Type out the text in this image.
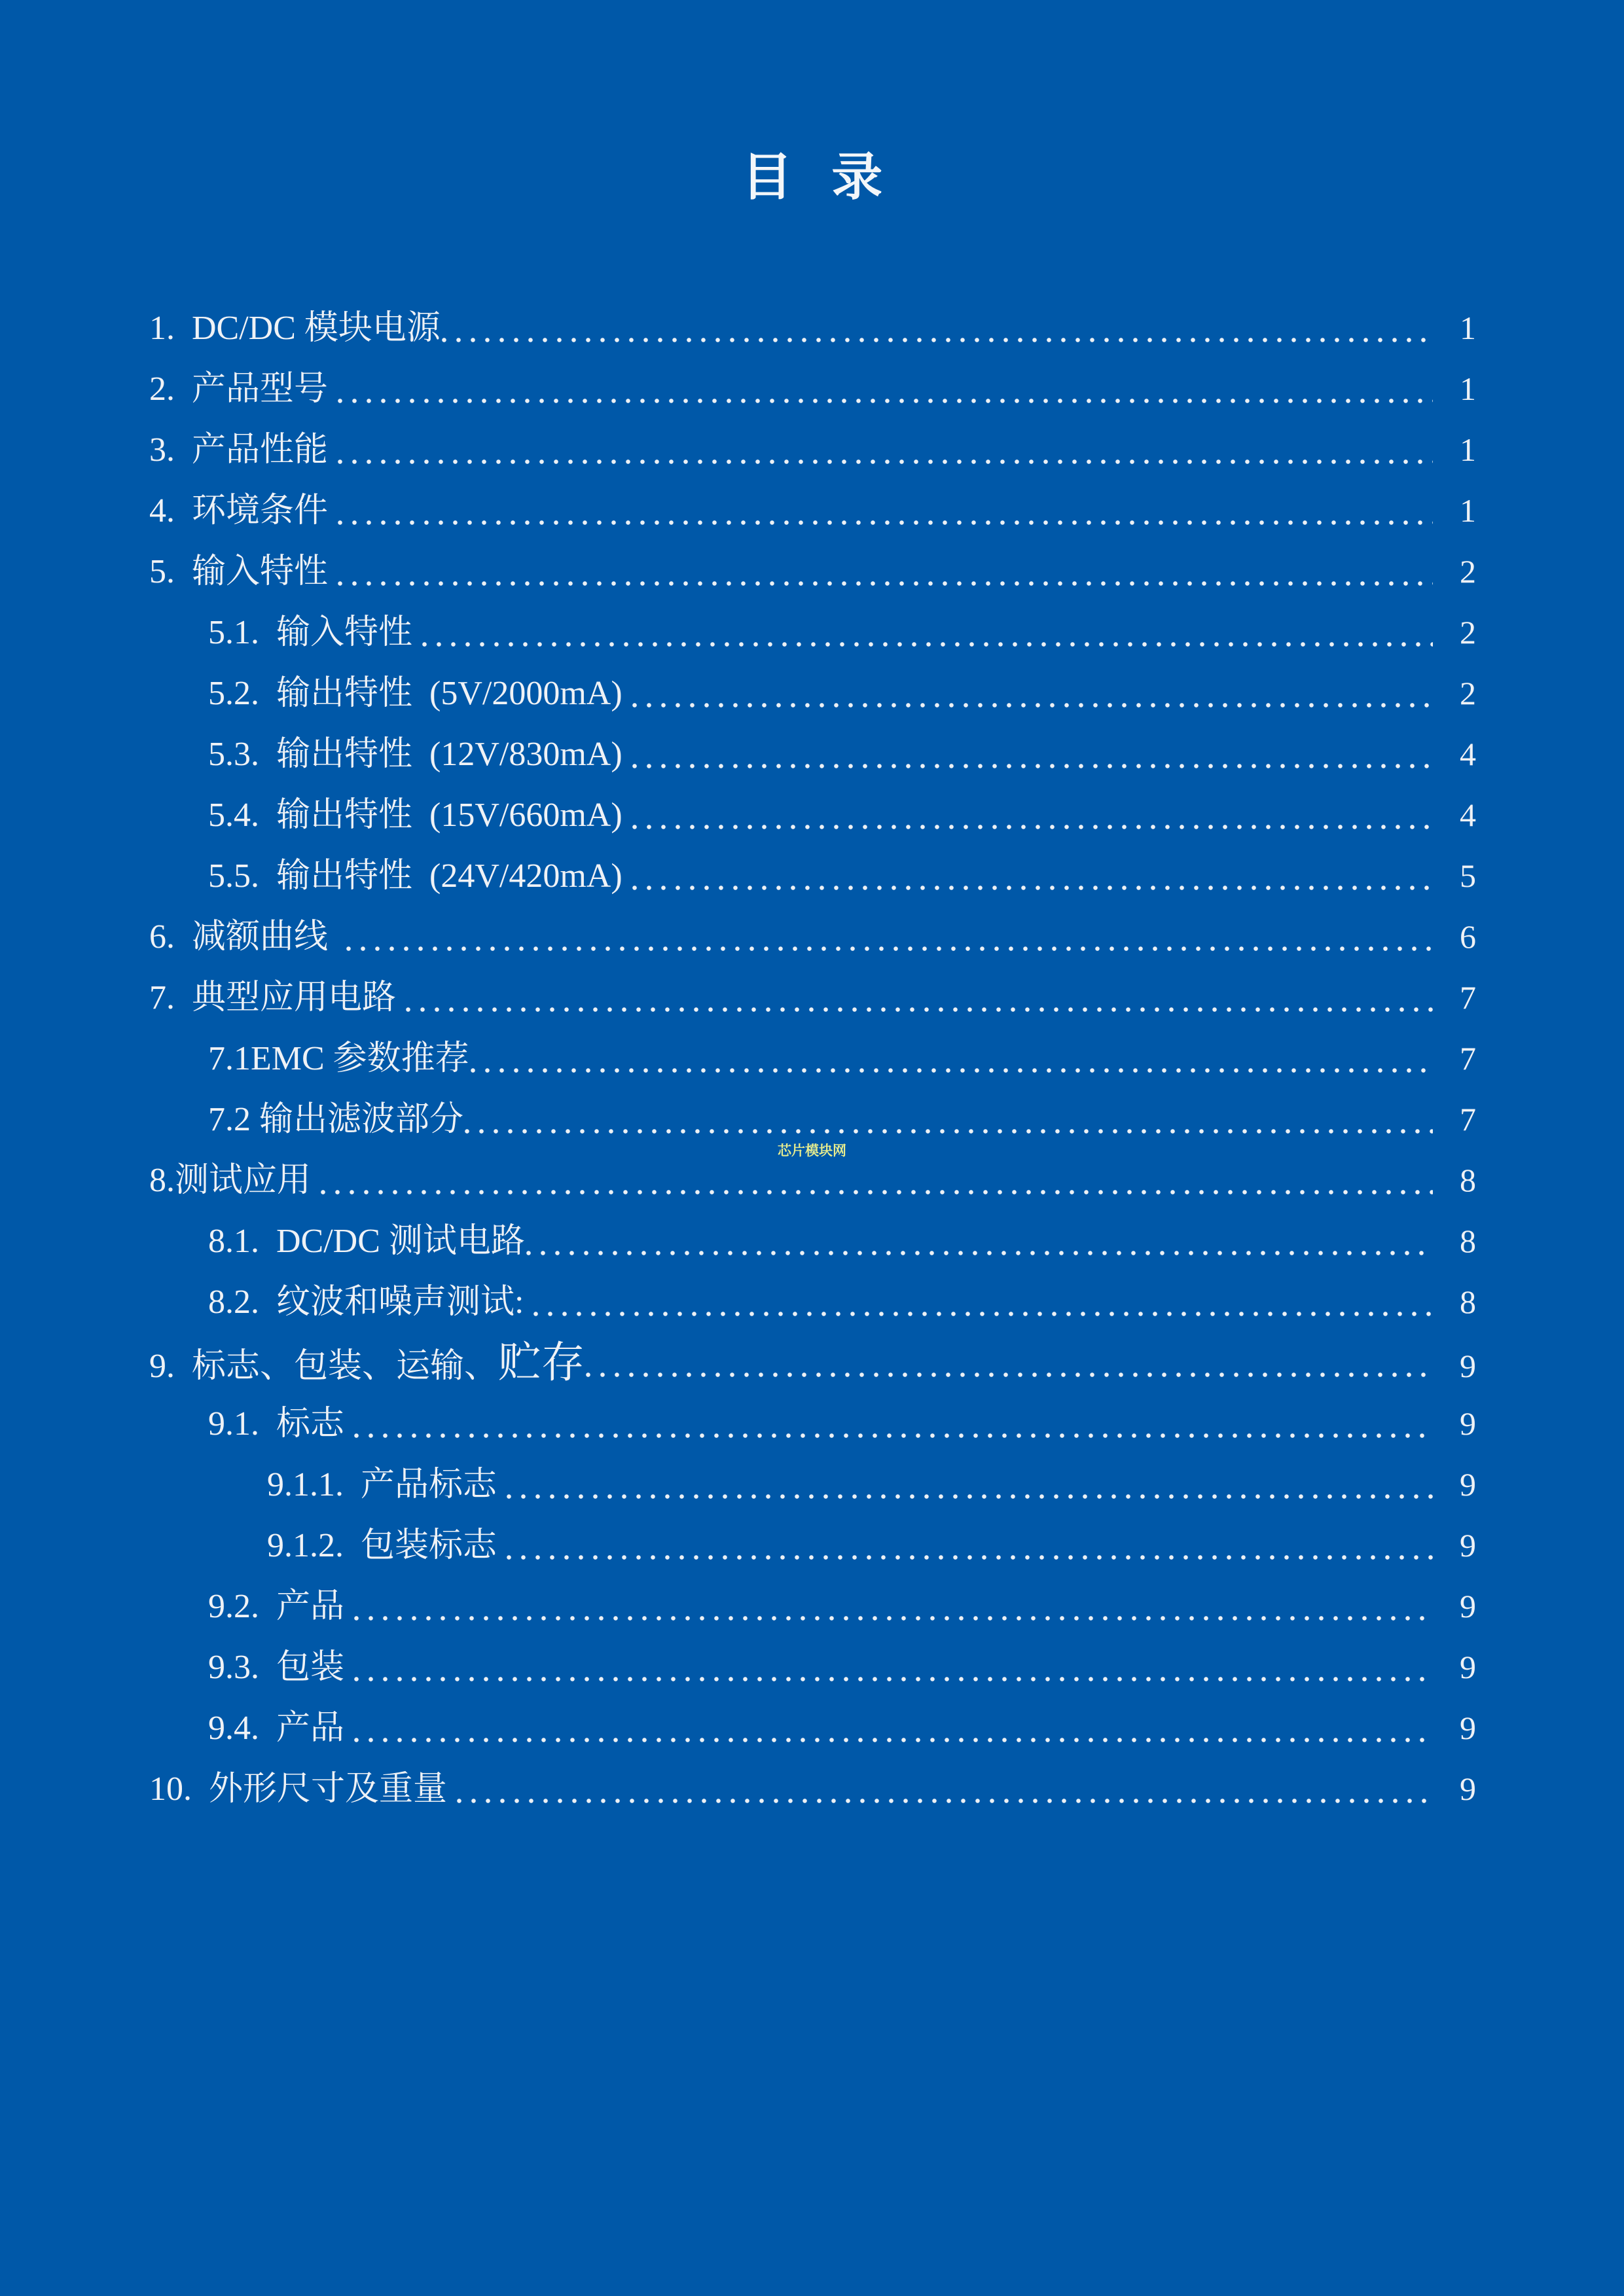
目 录
1.  DC/DC 模块电源	1
2.  产品型号	1
3.  产品性能	1
4.  环境条件	1
5.  输入特性	2
5.1.  输入特性	2
5.2.  输出特性  (5V/2000mA)	2
5.3.  输出特性  (12V/830mA)	4
5.4.  输出特性  (15V/660mA)	4
5.5.  输出特性  (24V/420mA)	5
6.  减额曲线	6
7.  典型应用电路	7
7.1EMC 参数推荐	7
7.2 输出滤波部分	7
8.测试应用	8
8.1.  DC/DC 测试电路	8
8.2.  纹波和噪声测试:	8
9.  标志、包装、运输、 贮存	9
9.1.  标志	9
9.1.1.  产品标志	9
9.1.2.  包装标志	9
9.2.  产品	9
9.3.  包装	9
9.4.  产品	9
10.  外形尺寸及重量	9
芯片模块网
